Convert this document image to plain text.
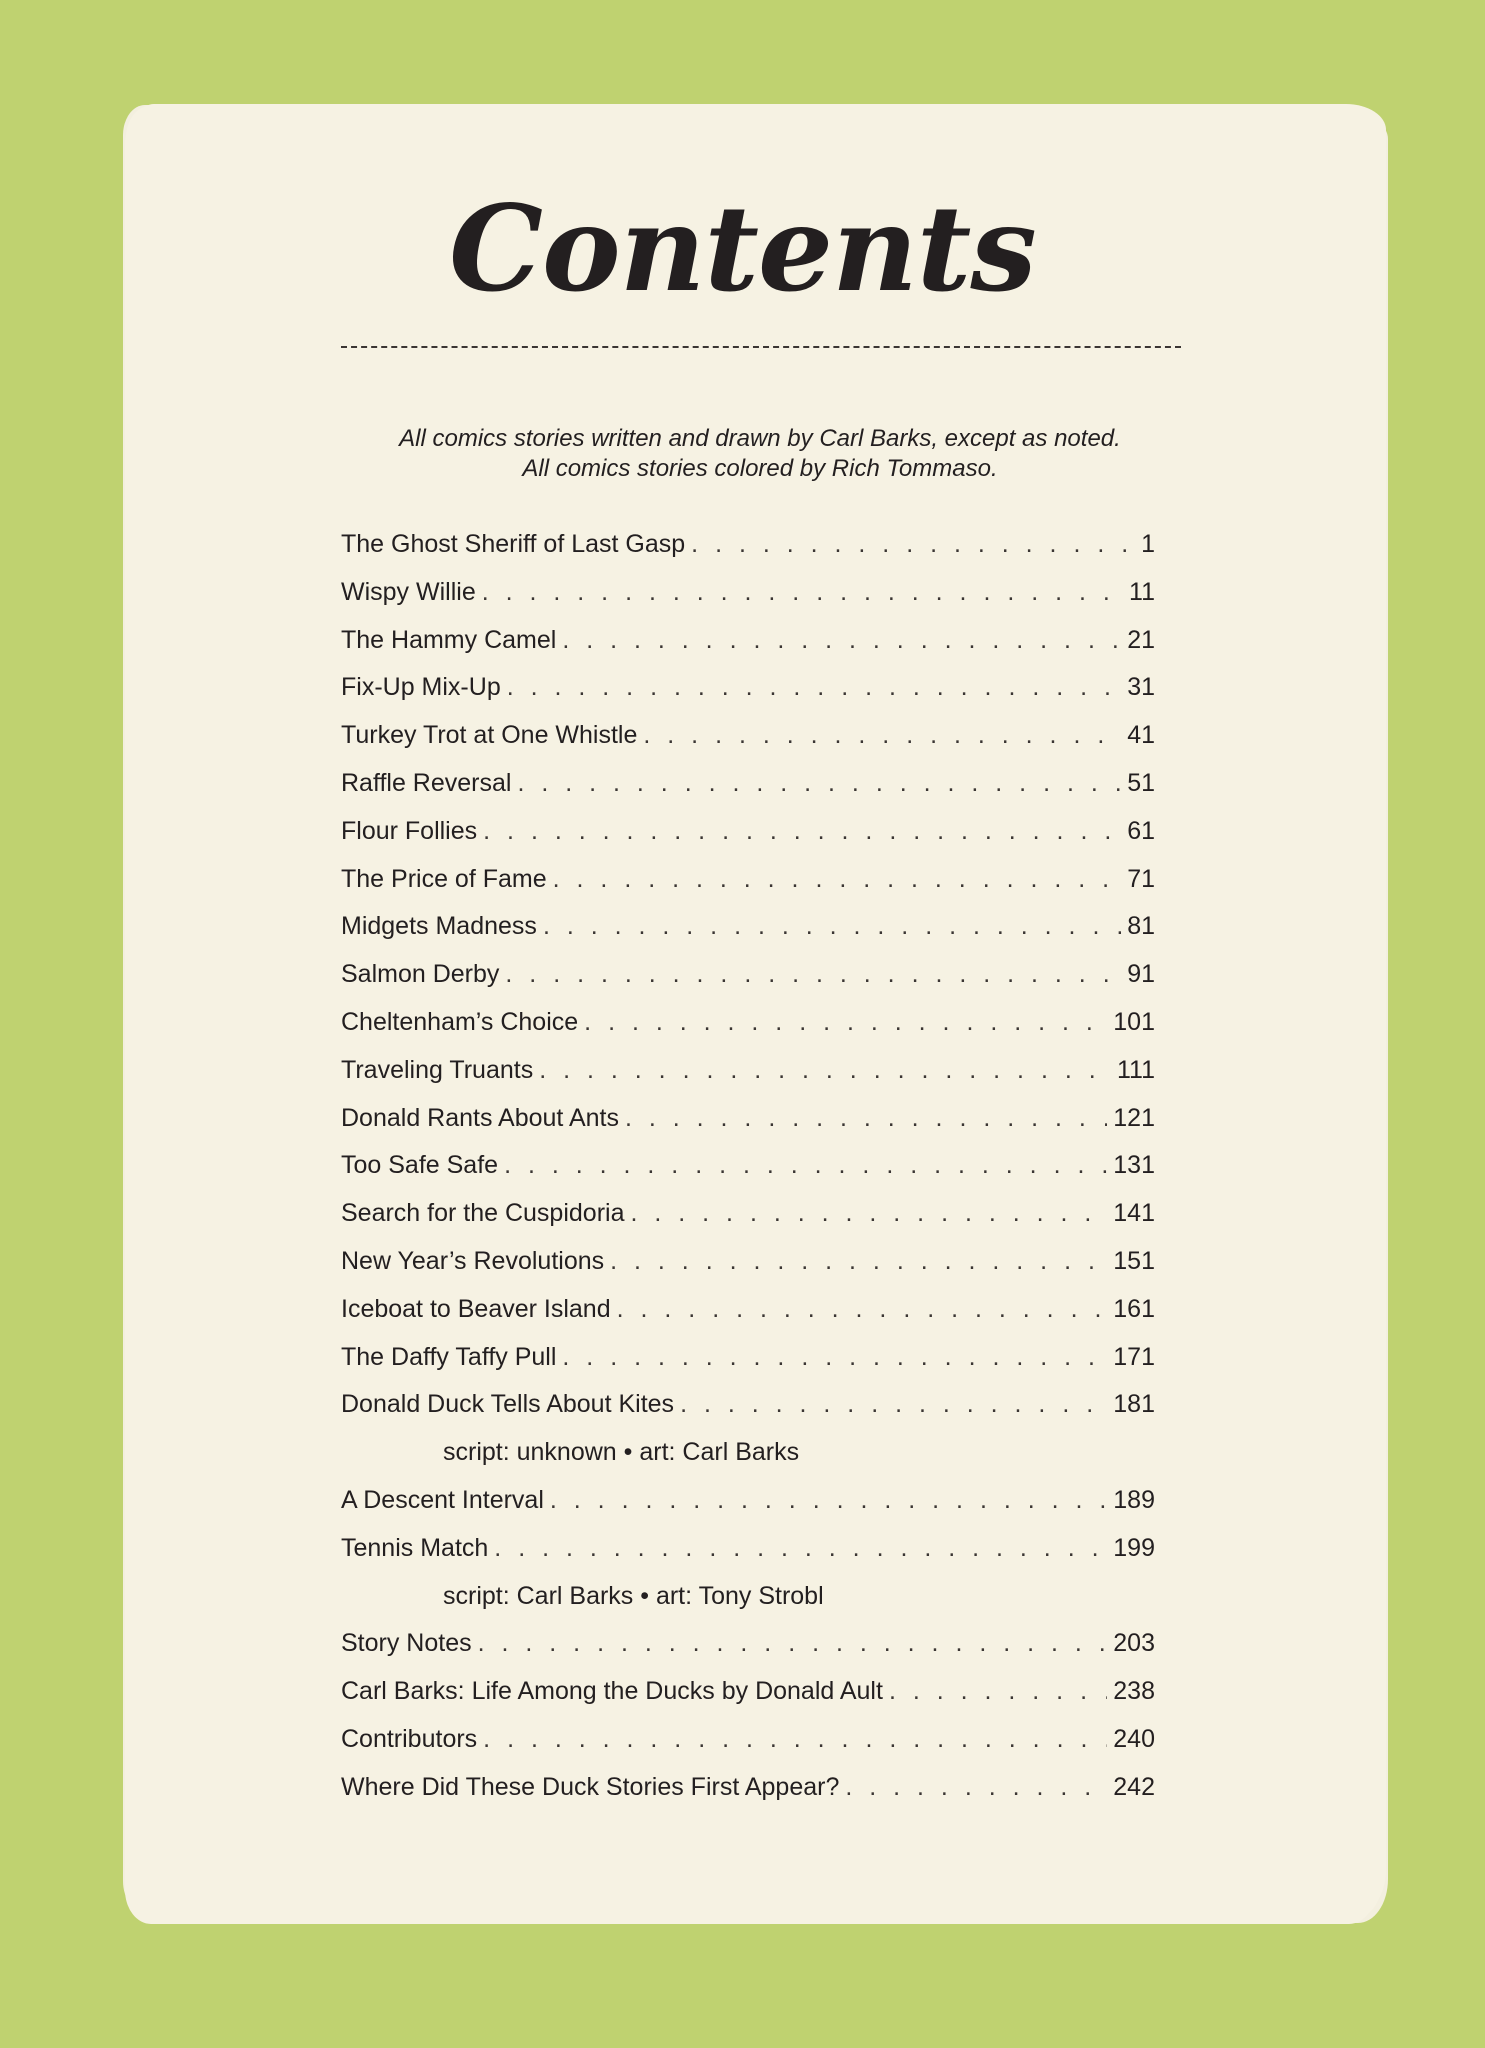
Contents
All comics stories written and drawn by Carl Barks, except as noted.
All comics stories colored by Rich Tommaso.
The Ghost Sheriff of Last Gasp . . .	1
Wispy Willie . . .	11
The Hammy Camel . . .	21
Fix-Up Mix-Up . . .	31
Turkey Trot at One Whistle . . .	41
Raffle Reversal . . .	51
Flour Follies . . .	61
The Price of Fame . . .	71
Midgets Madness . . .	81
Salmon Derby . . .	91
Cheltenham’s Choice . . .	101
Traveling Truants . . .	111
Donald Rants About Ants . . .	121
Too Safe Safe . . .	131
Search for the Cuspidoria . . .	141
New Year’s Revolutions . . .	151
Iceboat to Beaver Island . . .	161
The Daffy Taffy Pull . . .	171
Donald Duck Tells About Kites . . .	181
script: unknown • art: Carl Barks
A Descent Interval . . .	189
Tennis Match . . .	199
script: Carl Barks • art: Tony Strobl
Story Notes . . .	203
Carl Barks: Life Among the Ducks by Donald Ault . . .	238
Contributors . . .	240
Where Did These Duck Stories First Appear? . . .	242
